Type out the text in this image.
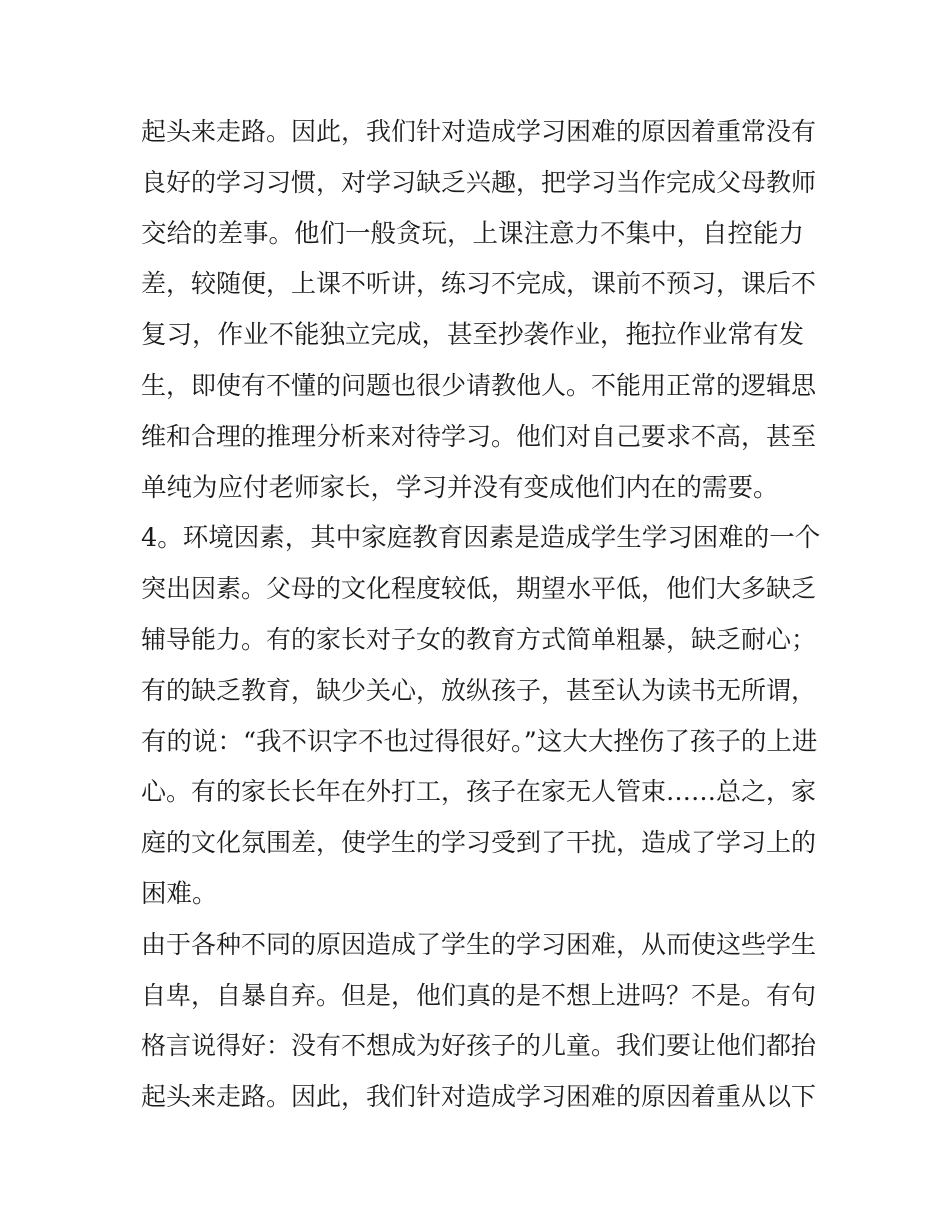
起头来走路。因此，我们针对造成学习困难的原因着重常没有
良好的学习习惯，对学习缺乏兴趣，把学习当作完成父母教师
交给的差事。他们一般贪玩，上课注意力不集中，自控能力
差，较随便，上课不听讲，练习不完成，课前不预习，课后不
复习，作业不能独立完成，甚至抄袭作业，拖拉作业常有发
生，即使有不懂的问题也很少请教他人。不能用正常的逻辑思
维和合理的推理分析来对待学习。他们对自己要求不高，甚至
单纯为应付老师家长，学习并没有变成他们内在的需要。
4。环境因素，其中家庭教育因素是造成学生学习困难的一个
突出因素。父母的文化程度较低，期望水平低，他们大多缺乏
辅导能力。有的家长对子女的教育方式简单粗暴，缺乏耐心；
有的缺乏教育，缺少关心，放纵孩子，甚至认为读书无所谓，
有的说：“我不识字不也过得很好。”这大大挫伤了孩子的上进
心。有的家长长年在外打工，孩子在家无人管束……总之，家
庭的文化氛围差，使学生的学习受到了干扰，造成了学习上的
困难。
由于各种不同的原因造成了学生的学习困难，从而使这些学生
自卑，自暴自弃。但是，他们真的是不想上进吗？不是。有句
格言说得好：没有不想成为好孩子的儿童。我们要让他们都抬
起头来走路。因此，我们针对造成学习困难的原因着重从以下
